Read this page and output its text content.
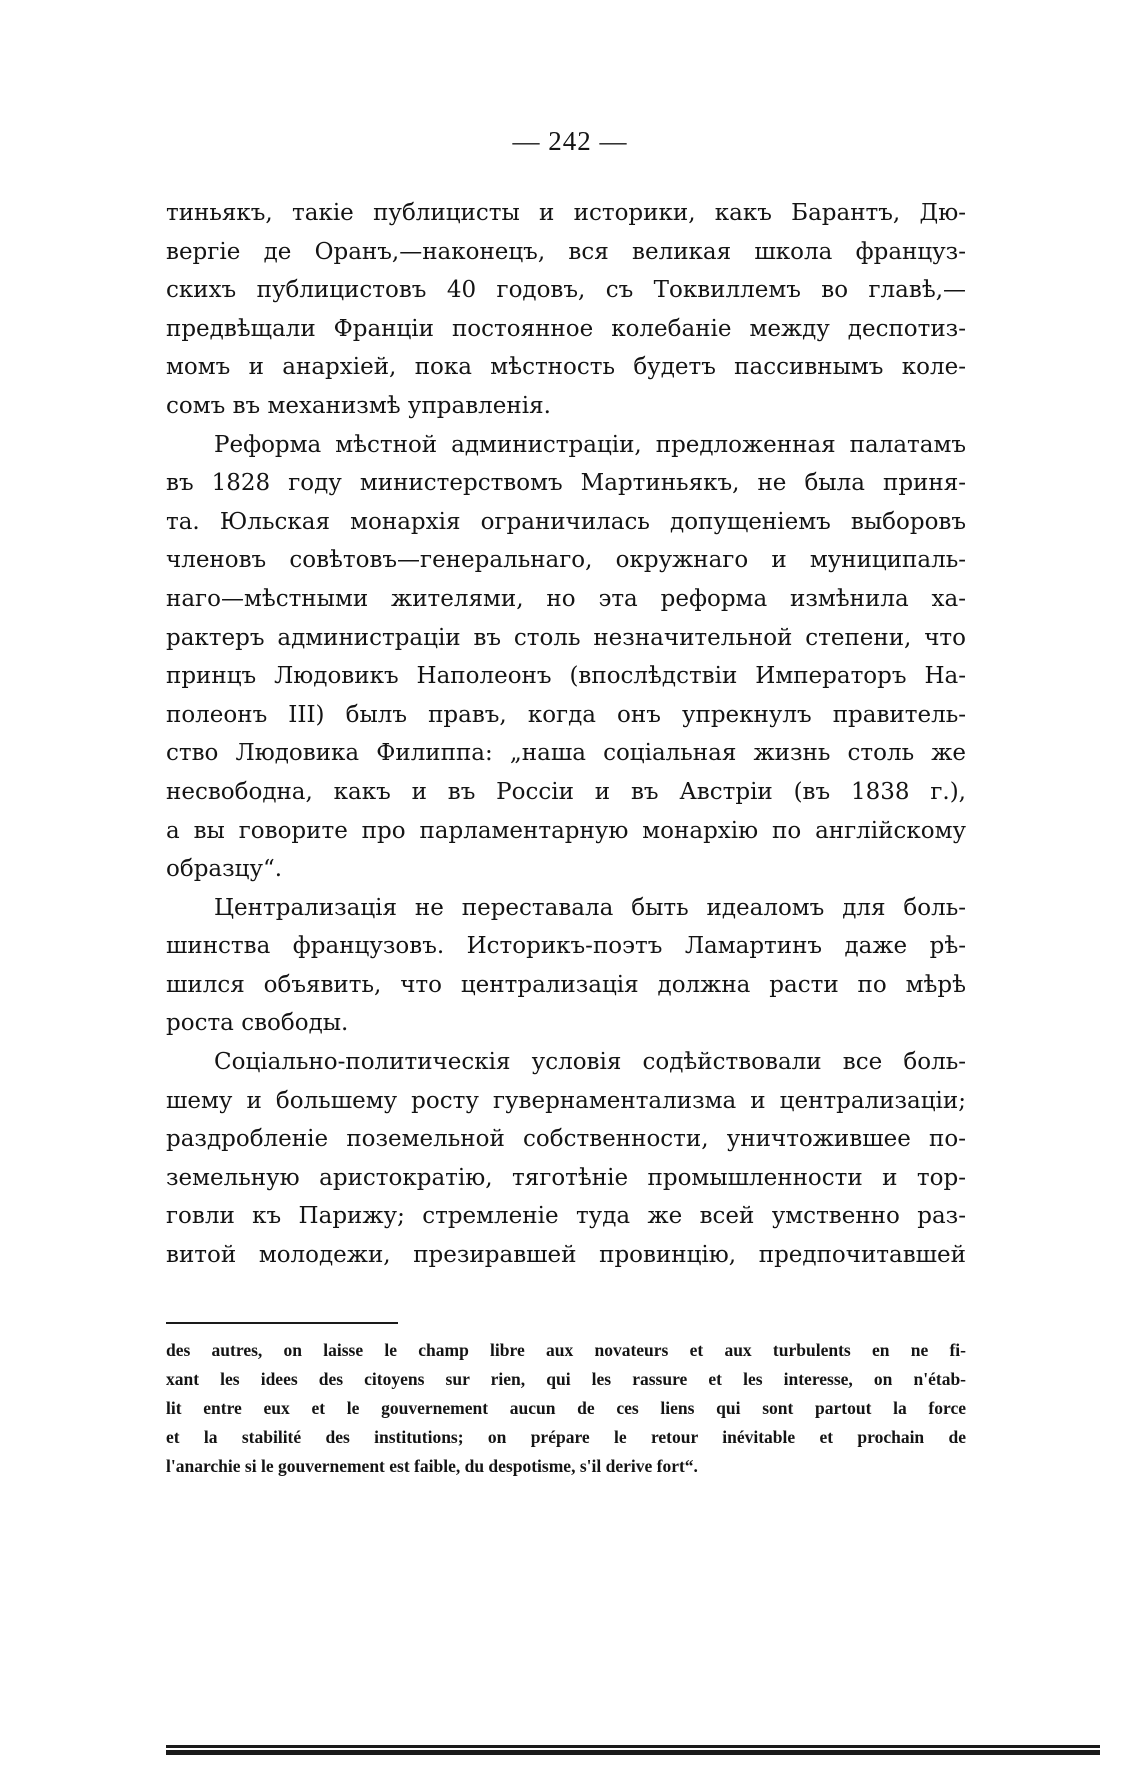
— 242 —
тиньякъ, такіе публицисты и историки, какъ Барантъ, Дю-
вергіе де Оранъ,—наконецъ, вся великая школа француз-
скихъ публицистовъ 40 годовъ, съ Токвиллемъ во главѣ,—
предвѣщали Франціи постоянное колебаніе между деспотиз-
момъ и анархіей, пока мѣстность будетъ пассивнымъ коле-
сомъ въ механизмѣ управленія.
Реформа мѣстной администраціи, предложенная палатамъ
въ 1828 году министерствомъ Мартиньякъ, не была приня-
та. Юльская монархія ограничилась допущеніемъ выборовъ
членовъ совѣтовъ—генеральнаго, окружнаго и муниципаль-
наго—мѣстными жителями, но эта реформа измѣнила ха-
рактеръ администраціи въ столь незначительной степени, что
принцъ Людовикъ Наполеонъ (впослѣдствіи Императоръ На-
полеонъ III) былъ правъ, когда онъ упрекнулъ правитель-
ство Людовика Филиппа: „наша соціальная жизнь столь же
несвободна, какъ и въ Россіи и въ Австріи (въ 1838 г.),
а вы говорите про парламентарную монархію по англійскому
образцу“.
Централизація не переставала быть идеаломъ для боль-
шинства французовъ. Историкъ-поэтъ Ламартинъ даже рѣ-
шился объявить, что централизація должна расти по мѣрѣ
роста свободы.
Соціально-политическія условія содѣйствовали все боль-
шему и большему росту гувернаментализма и централизаціи;
раздробленіе поземельной собственности, уничтожившее по-
земельную аристократію, тяготѣніе промышленности и тор-
говли къ Парижу; стремленіе туда же всей умственно раз-
витой молодежи, презиравшей провинцію, предпочитавшей
des autres, on laisse le champ libre aux novateurs et aux turbulents en ne fi-
xant les idees des citoyens sur rien, qui les rassure et les interesse, on n'étab-
lit entre eux et le gouvernement aucun de ces liens qui sont partout la force
et la stabilité des institutions; on prépare le retour inévitable et prochain de
l'anarchie si le gouvernement est faible, du despotisme, s'il derive fort“.
